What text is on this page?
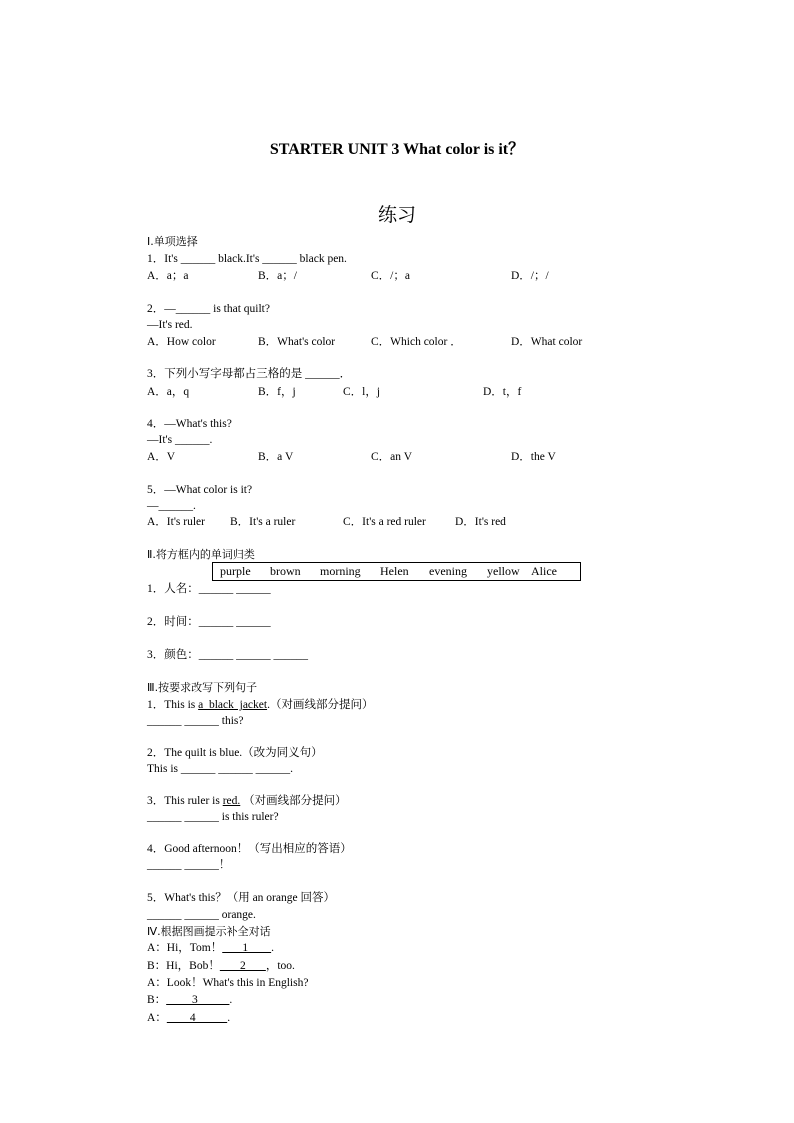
STARTER UNIT 3 What color is it？
练习
Ⅰ.单项选择
1．It's ______ black.It's ______ black pen.
A．a；a	B．a；/	C．/；a	D．/；/
2．—______ is that quilt?
—It's red.
A．How color	B．What's color	C．Which color ．	D．What color
3．下列小写字母都占三格的是 ______．
A．a，q	B．f，j	C．l，j	D．t，f
4．—What's this?
—It's ______.
A．V	B．a V	C．an V	D．the V
5．—What color is it?
—______.
A．It's ruler B．It's a ruler	C．It's a red ruler	D．It's red
Ⅱ.将方框内的单词归类
purple brown morning Helen evening yellow Alice
1．人名：______ ______
2．时间：______ ______
3．颜色：______ ______ ______
Ⅲ.按要求改写下列句子
1．This is a  black  jacket.（对画线部分提问）
______ ______ this?
2．The quilt is blue.（改为同义句）
This is ______ ______ ______.
3．This ruler is red. （对画线部分提问）
______ ______ is this ruler?
4．Good afternoon！（写出相应的答语）
______ ______！
5．What's this？（用 an orange 回答）
______ ______ orange.
Ⅳ.根据图画提示补全对话
A：Hi，Tom！       1        .
B：Hi，Bob！       2       ，too.
A：Look！What's this in English?
B：         3           .
A：        4           .
